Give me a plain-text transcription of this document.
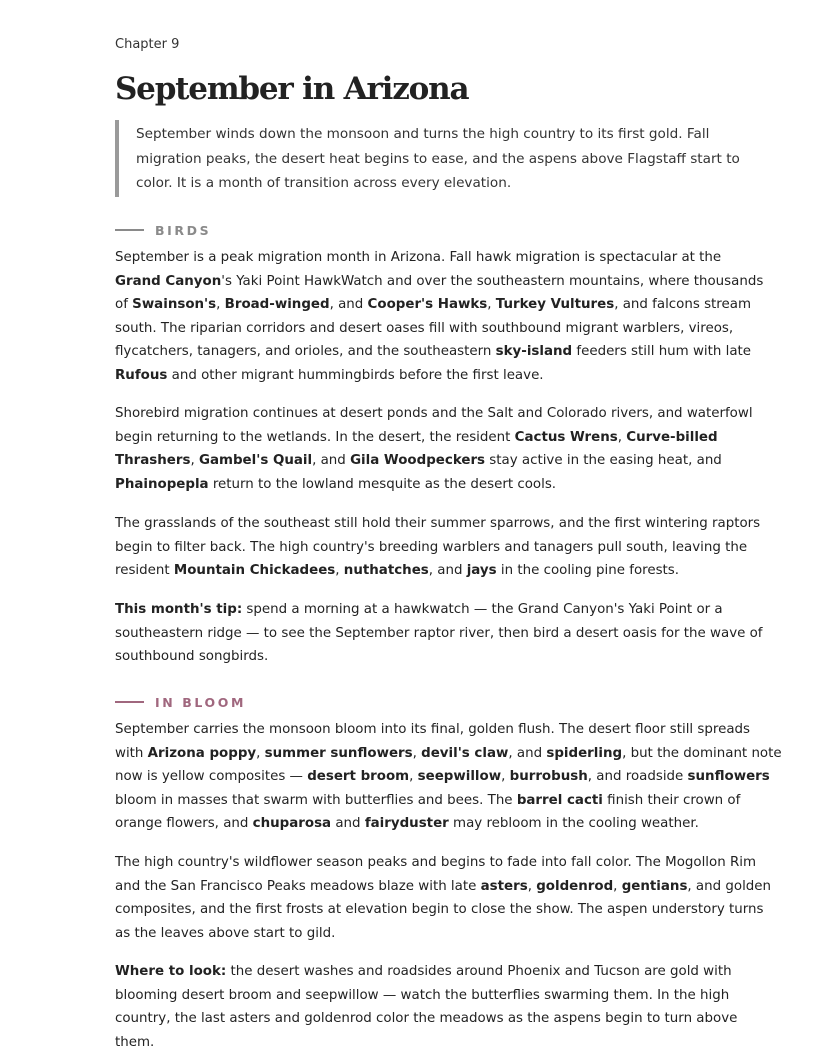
Chapter 9
September in Arizona
September winds down the monsoon and turns the high country to its first gold. Fall
migration peaks, the desert heat begins to ease, and the aspens above Flagstaff start to
color. It is a month of transition across every elevation.
BIRDS
September is a peak migration month in Arizona. Fall hawk migration is spectacular at the
Grand Canyon's Yaki Point HawkWatch and over the southeastern mountains, where thousands
of Swainson's, Broad-winged, and Cooper's Hawks, Turkey Vultures, and falcons stream
south. The riparian corridors and desert oases fill with southbound migrant warblers, vireos,
flycatchers, tanagers, and orioles, and the southeastern sky-island feeders still hum with late
Rufous and other migrant hummingbirds before the first leave.
Shorebird migration continues at desert ponds and the Salt and Colorado rivers, and waterfowl
begin returning to the wetlands. In the desert, the resident Cactus Wrens, Curve-billed
Thrashers, Gambel's Quail, and Gila Woodpeckers stay active in the easing heat, and
Phainopepla return to the lowland mesquite as the desert cools.
The grasslands of the southeast still hold their summer sparrows, and the first wintering raptors
begin to filter back. The high country's breeding warblers and tanagers pull south, leaving the
resident Mountain Chickadees, nuthatches, and jays in the cooling pine forests.
This month's tip: spend a morning at a hawkwatch — the Grand Canyon's Yaki Point or a
southeastern ridge — to see the September raptor river, then bird a desert oasis for the wave of
southbound songbirds.
IN BLOOM
September carries the monsoon bloom into its final, golden flush. The desert floor still spreads
with Arizona poppy, summer sunflowers, devil's claw, and spiderling, but the dominant note
now is yellow composites — desert broom, seepwillow, burrobush, and roadside sunflowers
bloom in masses that swarm with butterflies and bees. The barrel cacti finish their crown of
orange flowers, and chuparosa and fairyduster may rebloom in the cooling weather.
The high country's wildflower season peaks and begins to fade into fall color. The Mogollon Rim
and the San Francisco Peaks meadows blaze with late asters, goldenrod, gentians, and golden
composites, and the first frosts at elevation begin to close the show. The aspen understory turns
as the leaves above start to gild.
Where to look: the desert washes and roadsides around Phoenix and Tucson are gold with
blooming desert broom and seepwillow — watch the butterflies swarming them. In the high
country, the last asters and goldenrod color the meadows as the aspens begin to turn above
them.
